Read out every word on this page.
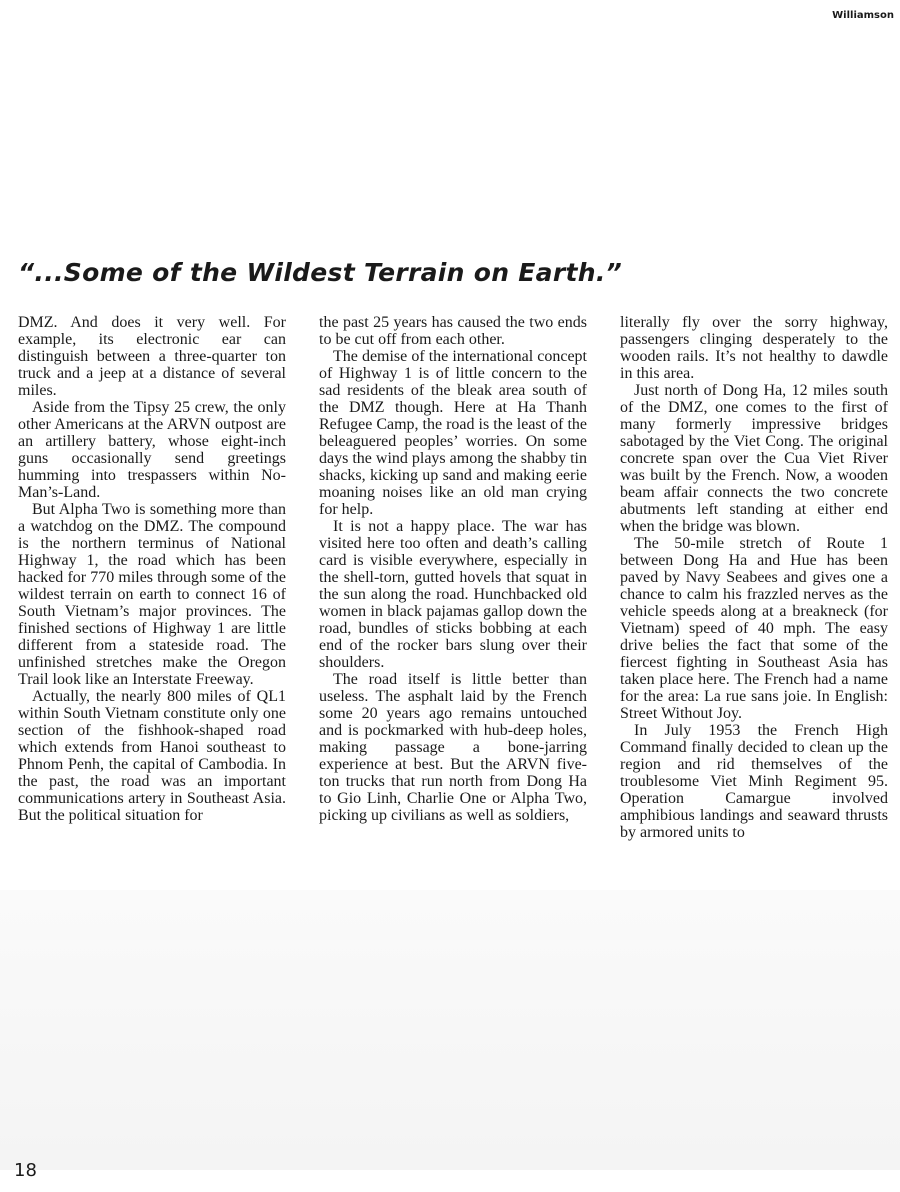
Williamson
“...Some of the Wildest Terrain on Earth.”

DMZ. And does it very well. For example, its electronic ear can distinguish between a three-quarter ton truck and a jeep at a distance of several miles.

Aside from the Tipsy 25 crew, the only other Americans at the ARVN outpost are an artillery battery, whose eight-inch guns occasionally send greetings humming into trespassers within No-Man’s-Land.

But Alpha Two is something more than a watchdog on the DMZ. The compound is the northern terminus of National Highway 1, the road which has been hacked for 770 miles through some of the wildest terrain on earth to connect 16 of South Vietnam’s major provinces. The finished sections of Highway 1 are little different from a stateside road. The unfinished stretches make the Oregon Trail look like an Interstate Freeway.

Actually, the nearly 800 miles of QL1 within South Vietnam constitute only one section of the fishhook-shaped road which extends from Hanoi southeast to Phnom Penh, the capital of Cambodia. In the past, the road was an important communications artery in Southeast Asia. But the political situation for

the past 25 years has caused the two ends to be cut off from each other.

The demise of the international concept of Highway 1 is of little concern to the sad residents of the bleak area south of the DMZ though. Here at Ha Thanh Refugee Camp, the road is the least of the beleaguered peoples’ worries. On some days the wind plays among the shabby tin shacks, kicking up sand and making eerie moaning noises like an old man crying for help.

It is not a happy place. The war has visited here too often and death’s calling card is visible everywhere, especially in the shell-torn, gutted hovels that squat in the sun along the road. Hunchbacked old women in black pajamas gallop down the road, bundles of sticks bobbing at each end of the rocker bars slung over their shoulders.

The road itself is little better than useless. The asphalt laid by the French some 20 years ago remains untouched and is pockmarked with hub-deep holes, making passage a bone-jarring experience at best. But the ARVN five-ton trucks that run north from Dong Ha to Gio Linh, Charlie One or Alpha Two, picking up civilians as well as soldiers,

literally fly over the sorry highway, passengers clinging desperately to the wooden rails. It’s not healthy to dawdle in this area.

Just north of Dong Ha, 12 miles south of the DMZ, one comes to the first of many formerly impressive bridges sabotaged by the Viet Cong. The original concrete span over the Cua Viet River was built by the French. Now, a wooden beam affair connects the two concrete abutments left standing at either end when the bridge was blown.

The 50-mile stretch of Route 1 between Dong Ha and Hue has been paved by Navy Seabees and gives one a chance to calm his frazzled nerves as the vehicle speeds along at a breakneck (for Vietnam) speed of 40 mph. The easy drive belies the fact that some of the fiercest fighting in Southeast Asia has taken place here. The French had a name for the area: La rue sans joie. In English: Street Without Joy.

In July 1953 the French High Command finally decided to clean up the region and rid themselves of the troublesome Viet Minh Regiment 95. Operation Camargue involved amphibious landings and seaward thrusts by armored units to

18
